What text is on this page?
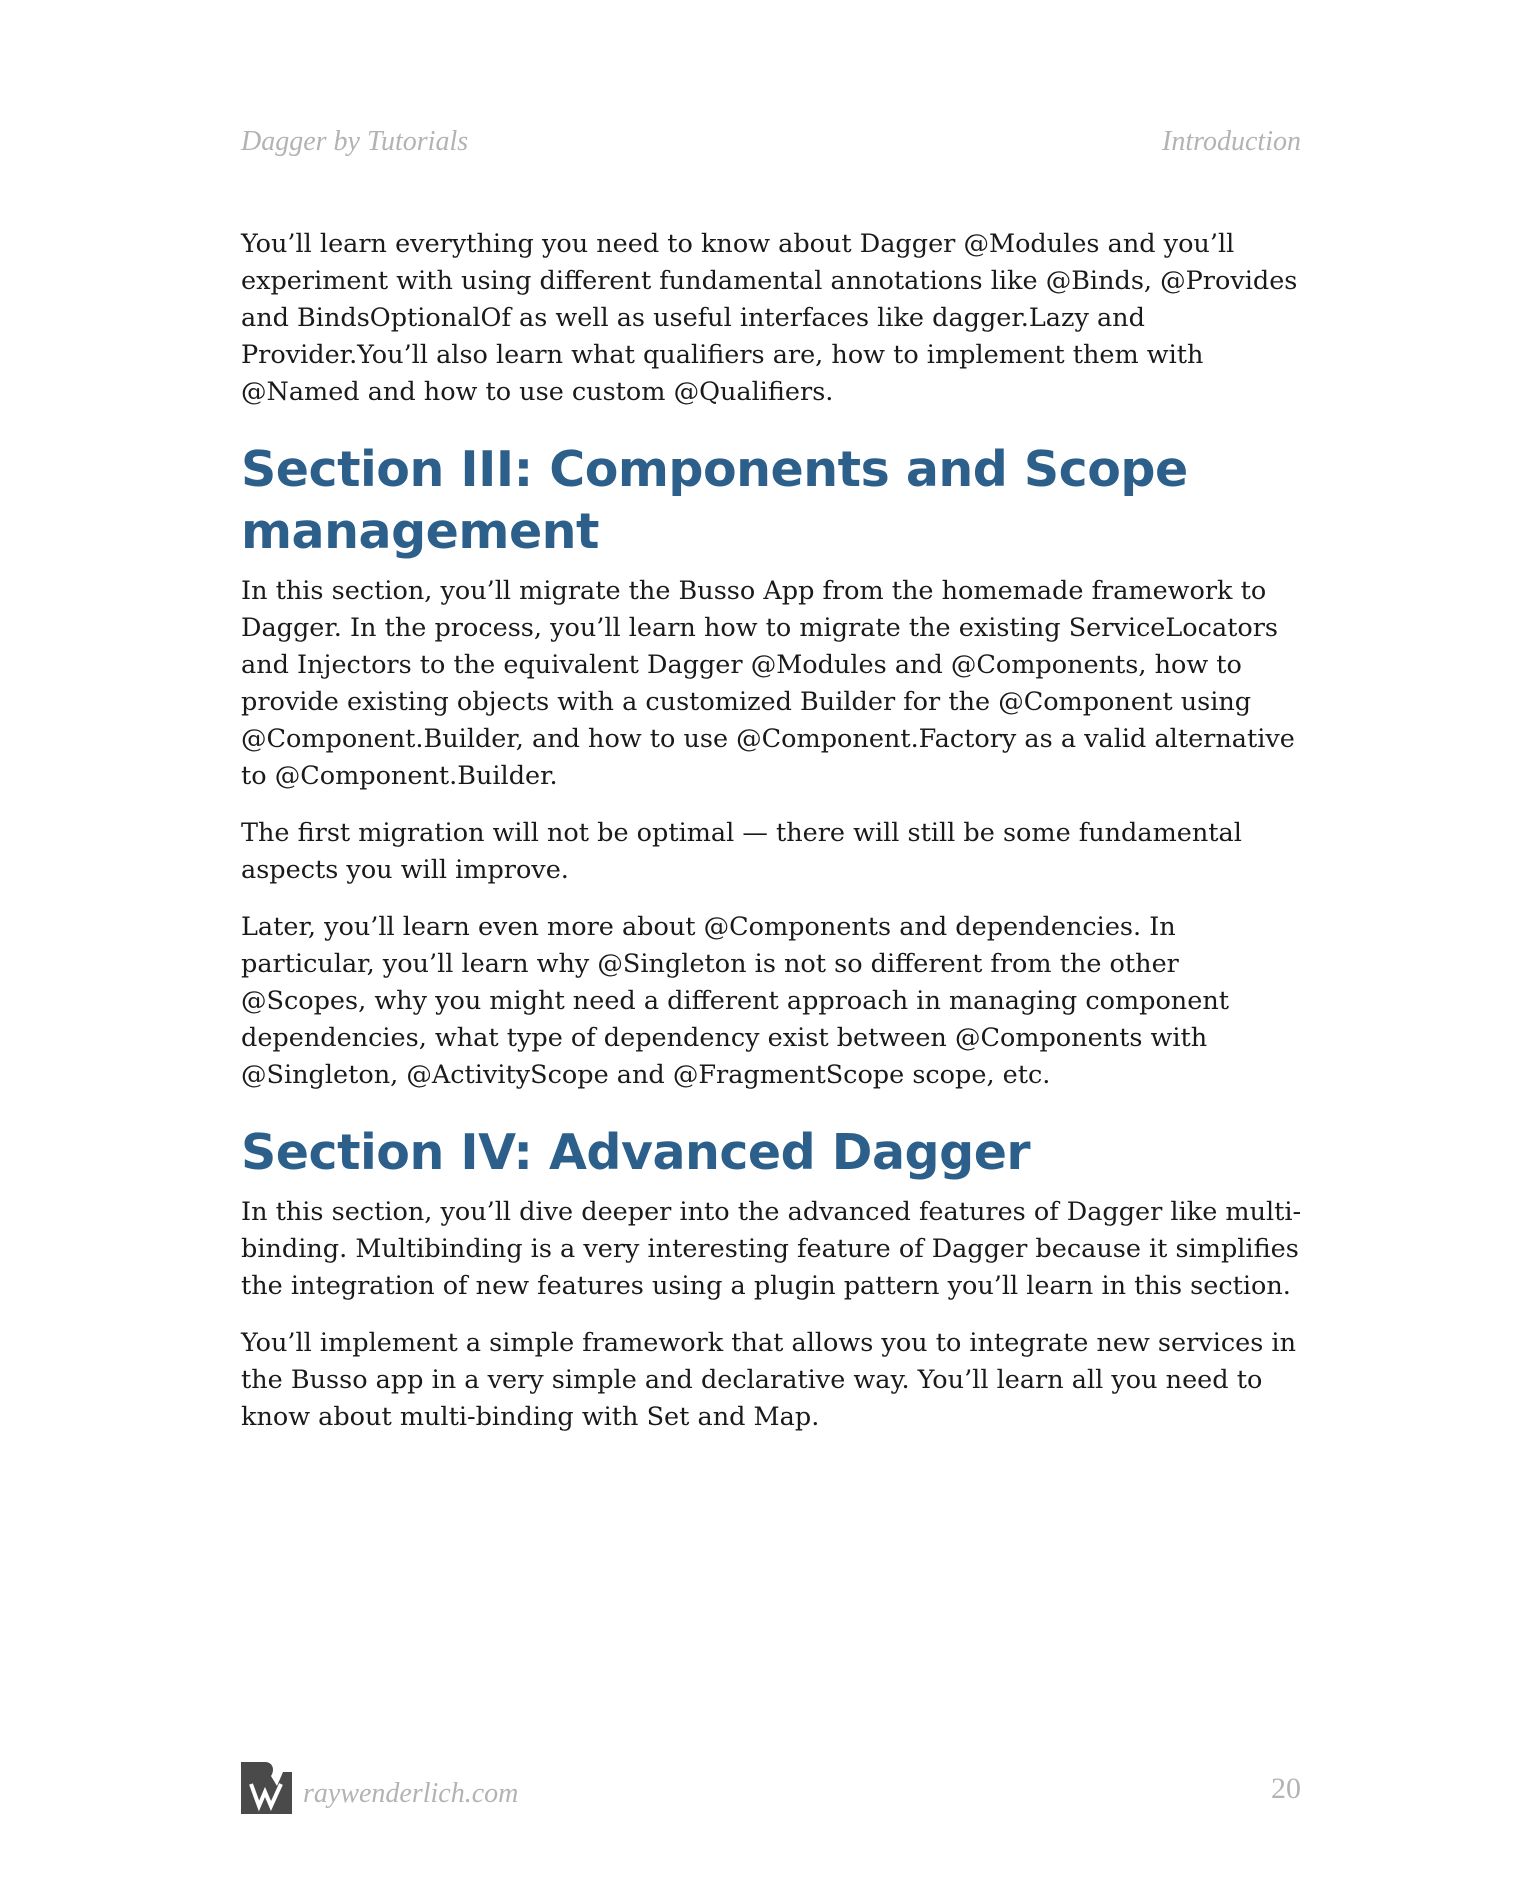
Dagger by Tutorials	Introduction

You’ll learn everything you need to know about Dagger @Modules and you’ll experiment with using different fundamental annotations like @Binds, @Provides and BindsOptionalOf as well as useful interfaces like dagger.Lazy and Provider.You’ll also learn what qualifiers are, how to implement them with @Named and how to use custom @Qualifiers.

Section III: Components and Scope management

In this section, you’ll migrate the Busso App from the homemade framework to Dagger. In the process, you’ll learn how to migrate the existing ServiceLocators and Injectors to the equivalent Dagger @Modules and @Components, how to provide existing objects with a customized Builder for the @Component using @Component.Builder, and how to use @Component.Factory as a valid alternative to @Component.Builder.

The first migration will not be optimal — there will still be some fundamental aspects you will improve.

Later, you’ll learn even more about @Components and dependencies. In particular, you’ll learn why @Singleton is not so different from the other @Scopes, why you might need a different approach in managing component dependencies, what type of dependency exist between @Components with @Singleton, @ActivityScope and @FragmentScope scope, etc.

Section IV: Advanced Dagger

In this section, you’ll dive deeper into the advanced features of Dagger like multi-binding. Multibinding is a very interesting feature of Dagger because it simplifies the integration of new features using a plugin pattern you’ll learn in this section.

You’ll implement a simple framework that allows you to integrate new services in the Busso app in a very simple and declarative way. You’ll learn all you need to know about multi-binding with Set and Map.

raywenderlich.com	20
